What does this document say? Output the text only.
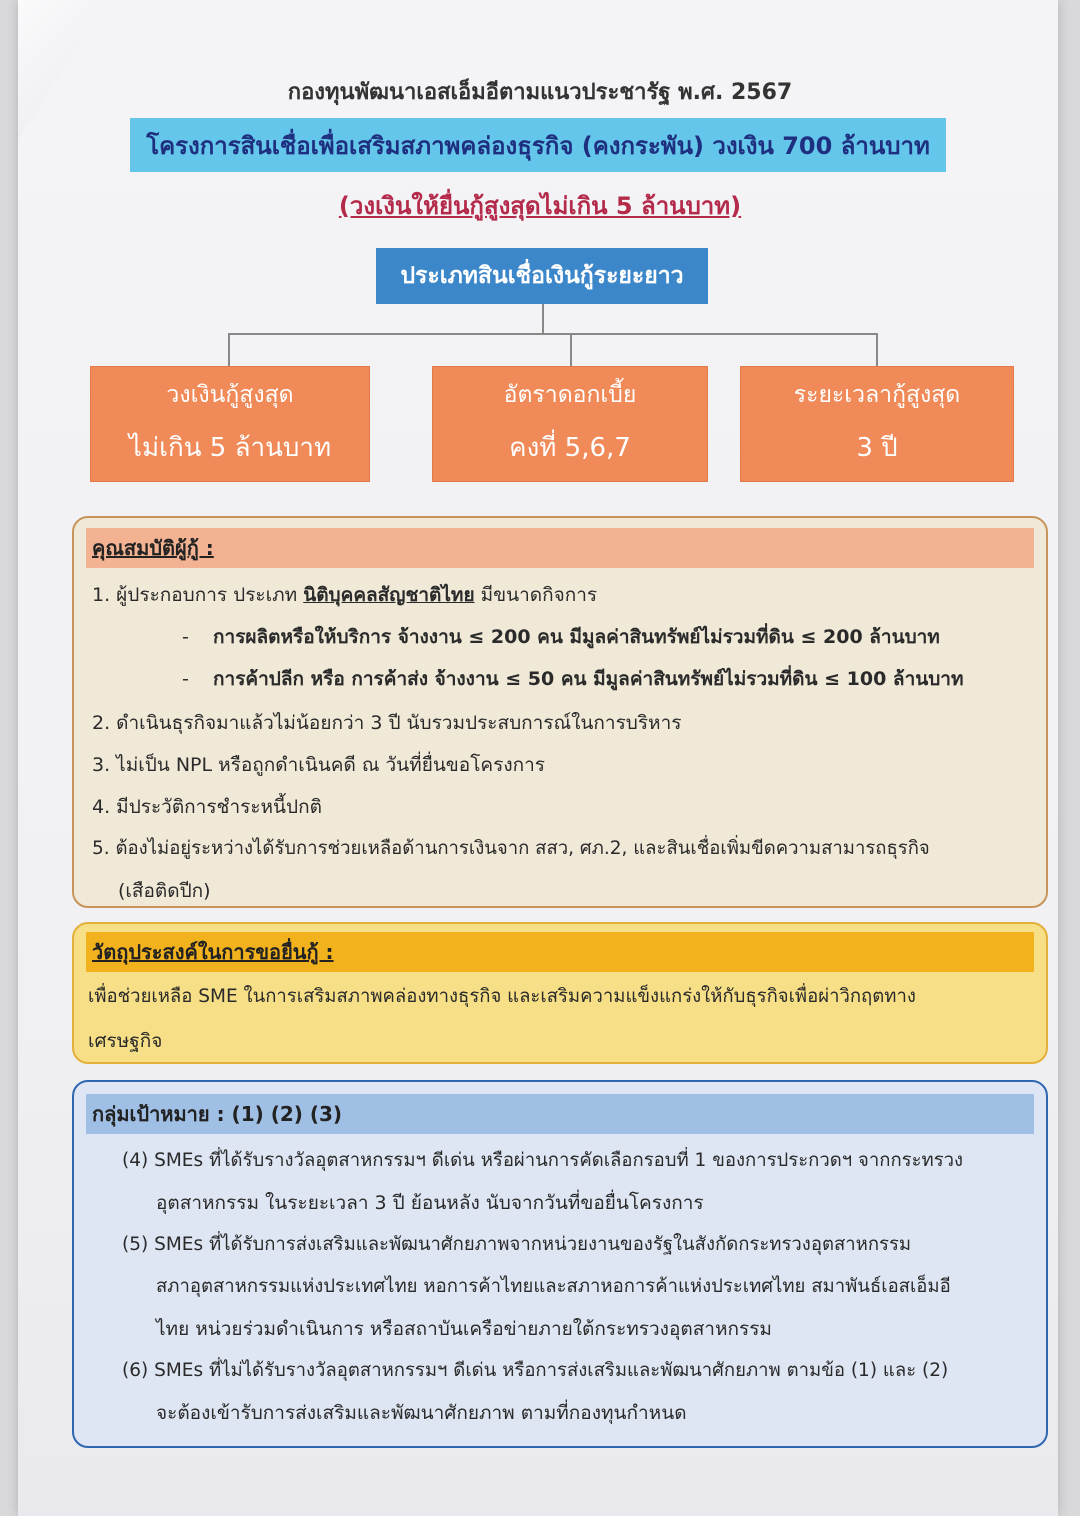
กองทุนพัฒนาเอสเอ็มอีตามแนวประชารัฐ พ.ศ. 2567
โครงการสินเชื่อเพื่อเสริมสภาพคล่องธุรกิจ (คงกระพัน) วงเงิน 700 ล้านบาท
(วงเงินให้ยื่นกู้สูงสุดไม่เกิน 5 ล้านบาท)
ประเภทสินเชื่อเงินกู้ระยะยาว
วงเงินกู้สูงสุด
ไม่เกิน 5 ล้านบาท
อัตราดอกเบี้ย
คงที่ 5,6,7
ระยะเวลากู้สูงสุด
3 ปี
คุณสมบัติผู้กู้ :
1. ผู้ประกอบการ ประเภท นิติบุคคลสัญชาติไทย มีขนาดกิจการ
-    การผลิตหรือให้บริการ จ้างงาน ≤ 200 คน มีมูลค่าสินทรัพย์ไม่รวมที่ดิน ≤ 200 ล้านบาท
-    การค้าปลีก หรือ การค้าส่ง จ้างงาน ≤ 50 คน มีมูลค่าสินทรัพย์ไม่รวมที่ดิน ≤ 100 ล้านบาท
2. ดำเนินธุรกิจมาแล้วไม่น้อยกว่า 3 ปี นับรวมประสบการณ์ในการบริหาร
3. ไม่เป็น NPL หรือถูกดำเนินคดี ณ วันที่ยื่นขอโครงการ
4. มีประวัติการชำระหนี้ปกติ
5. ต้องไม่อยู่ระหว่างได้รับการช่วยเหลือด้านการเงินจาก สสว, ศภ.2, และสินเชื่อเพิ่มขีดความสามารถธุรกิจ
(เสือติดปีก)
วัตถุประสงค์ในการขอยื่นกู้ :
เพื่อช่วยเหลือ SME ในการเสริมสภาพคล่องทางธุรกิจ และเสริมความแข็งแกร่งให้กับธุรกิจเพื่อผ่าวิกฤตทาง
เศรษฐกิจ
กลุ่มเป้าหมาย : (1) (2) (3)
(4) SMEs ที่ได้รับรางวัลอุตสาหกรรมฯ ดีเด่น หรือผ่านการคัดเลือกรอบที่ 1 ของการประกวดฯ จากกระทรวง
อุตสาหกรรม ในระยะเวลา 3 ปี ย้อนหลัง นับจากวันที่ขอยื่นโครงการ
(5) SMEs ที่ได้รับการส่งเสริมและพัฒนาศักยภาพจากหน่วยงานของรัฐในสังกัดกระทรวงอุตสาหกรรม
สภาอุตสาหกรรมแห่งประเทศไทย หอการค้าไทยและสภาหอการค้าแห่งประเทศไทย สมาพันธ์เอสเอ็มอี
ไทย หน่วยร่วมดำเนินการ หรือสถาบันเครือข่ายภายใต้กระทรวงอุตสาหกรรม
(6) SMEs ที่ไม่ได้รับรางวัลอุตสาหกรรมฯ ดีเด่น หรือการส่งเสริมและพัฒนาศักยภาพ ตามข้อ (1) และ (2)
จะต้องเข้ารับการส่งเสริมและพัฒนาศักยภาพ ตามที่กองทุนกำหนด
